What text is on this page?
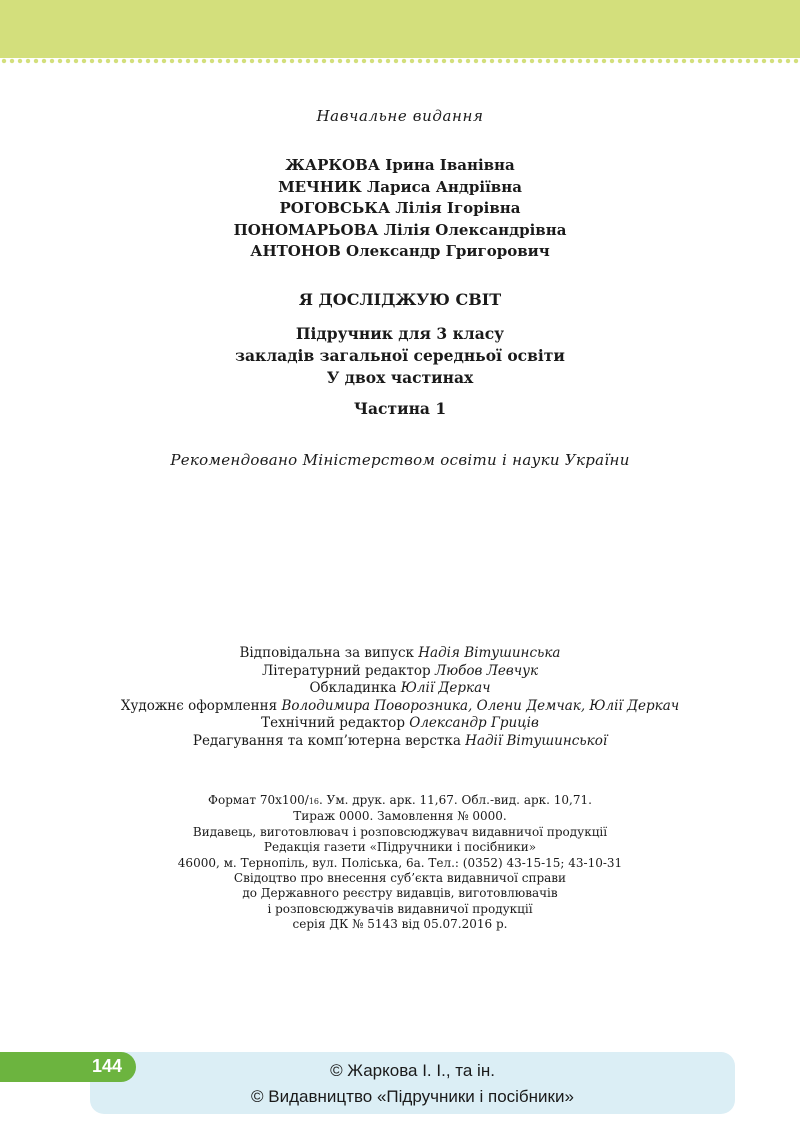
Навчальне видання
ЖАРКОВА Ірина Іванівна
МЕЧНИК Лариса Андріївна
РОГОВСЬКА Лілія Ігорівна
ПОНОМАРЬОВА Лілія Олександрівна
АНТОНОВ Олександр Григорович
Я ДОСЛІДЖУЮ СВІТ
Підручник для 3 класу
закладів загальної середньої освіти
У двох частинах
Частина 1
Рекомендовано Міністерством освіти і науки України
Відповідальна за випуск Надія Вітушинська
Літературний редактор Любов Левчук
Обкладинка Юлії Деркач
Художнє оформлення Володимира Поворозника, Олени Демчак, Юлії Деркач
Технічний редактор Олександр Гриців
Редагування та комп’ютерна верстка Надії Вітушинської
Формат 70х100/16. Ум. друк. арк. 11,67. Обл.-вид. арк. 10,71.
Тираж 0000. Замовлення № 0000.
Видавець, виготовлювач і розповсюджувач видавничої продукції
Редакція газети «Підручники і посібники»
46000, м. Тернопіль, вул. Поліська, 6а. Тел.: (0352) 43-15-15; 43-10-31
Свідоцтво про внесення суб’єкта видавничої справи
до Державного реєстру видавців, виготовлювачів
і розповсюджувачів видавничої продукції
серія ДК № 5143 від 05.07.2016 р.
© Жаркова І. І., та ін.
© Видавництво «Підручники і посібники»
144
